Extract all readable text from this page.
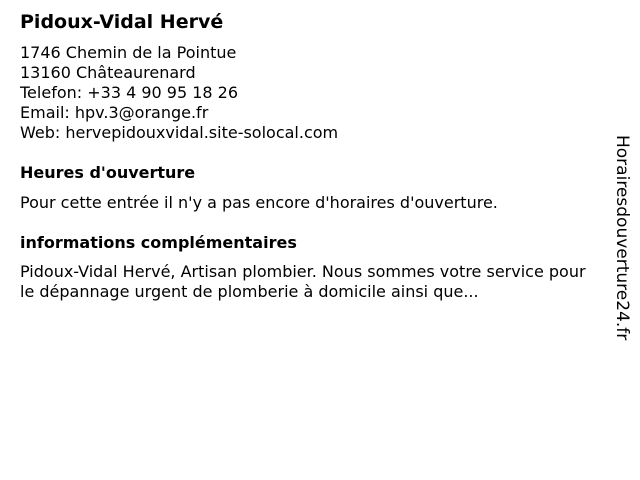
Pidoux-Vidal Hervé
1746 Chemin de la Pointue
13160 Châteaurenard
Telefon: +33 4 90 95 18 26
Email: hpv.3@orange.fr
Web: hervepidouxvidal.site-solocal.com
Heures d'ouverture
Pour cette entrée il n'y a pas encore d'horaires d'ouverture.
informations complémentaires
Pidoux-Vidal Hervé, Artisan plombier. Nous sommes votre service pour le dépannage urgent de plomberie à domicile ainsi que...	Horairesdouverture24.fr
